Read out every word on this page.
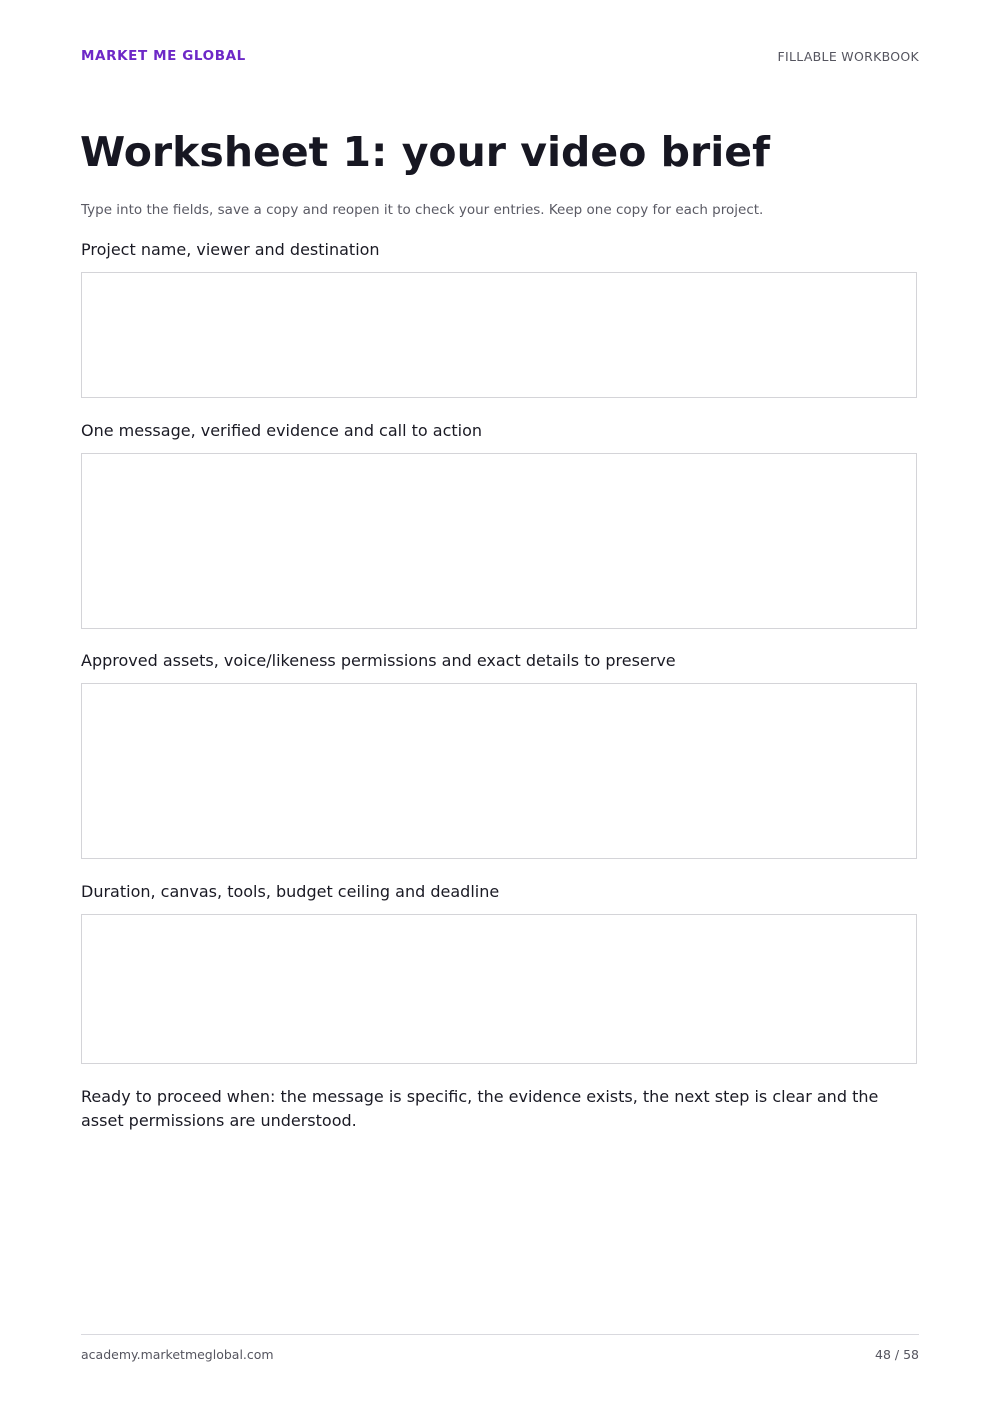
MARKET ME GLOBAL	FILLABLE WORKBOOK
Worksheet 1: your video brief
Type into the fields, save a copy and reopen it to check your entries. Keep one copy for each project.
Project name, viewer and destination
One message, verified evidence and call to action
Approved assets, voice/likeness permissions and exact details to preserve
Duration, canvas, tools, budget ceiling and deadline
Ready to proceed when: the message is specific, the evidence exists, the next step is clear and the asset permissions are understood.
academy.marketmeglobal.com	48 / 58
